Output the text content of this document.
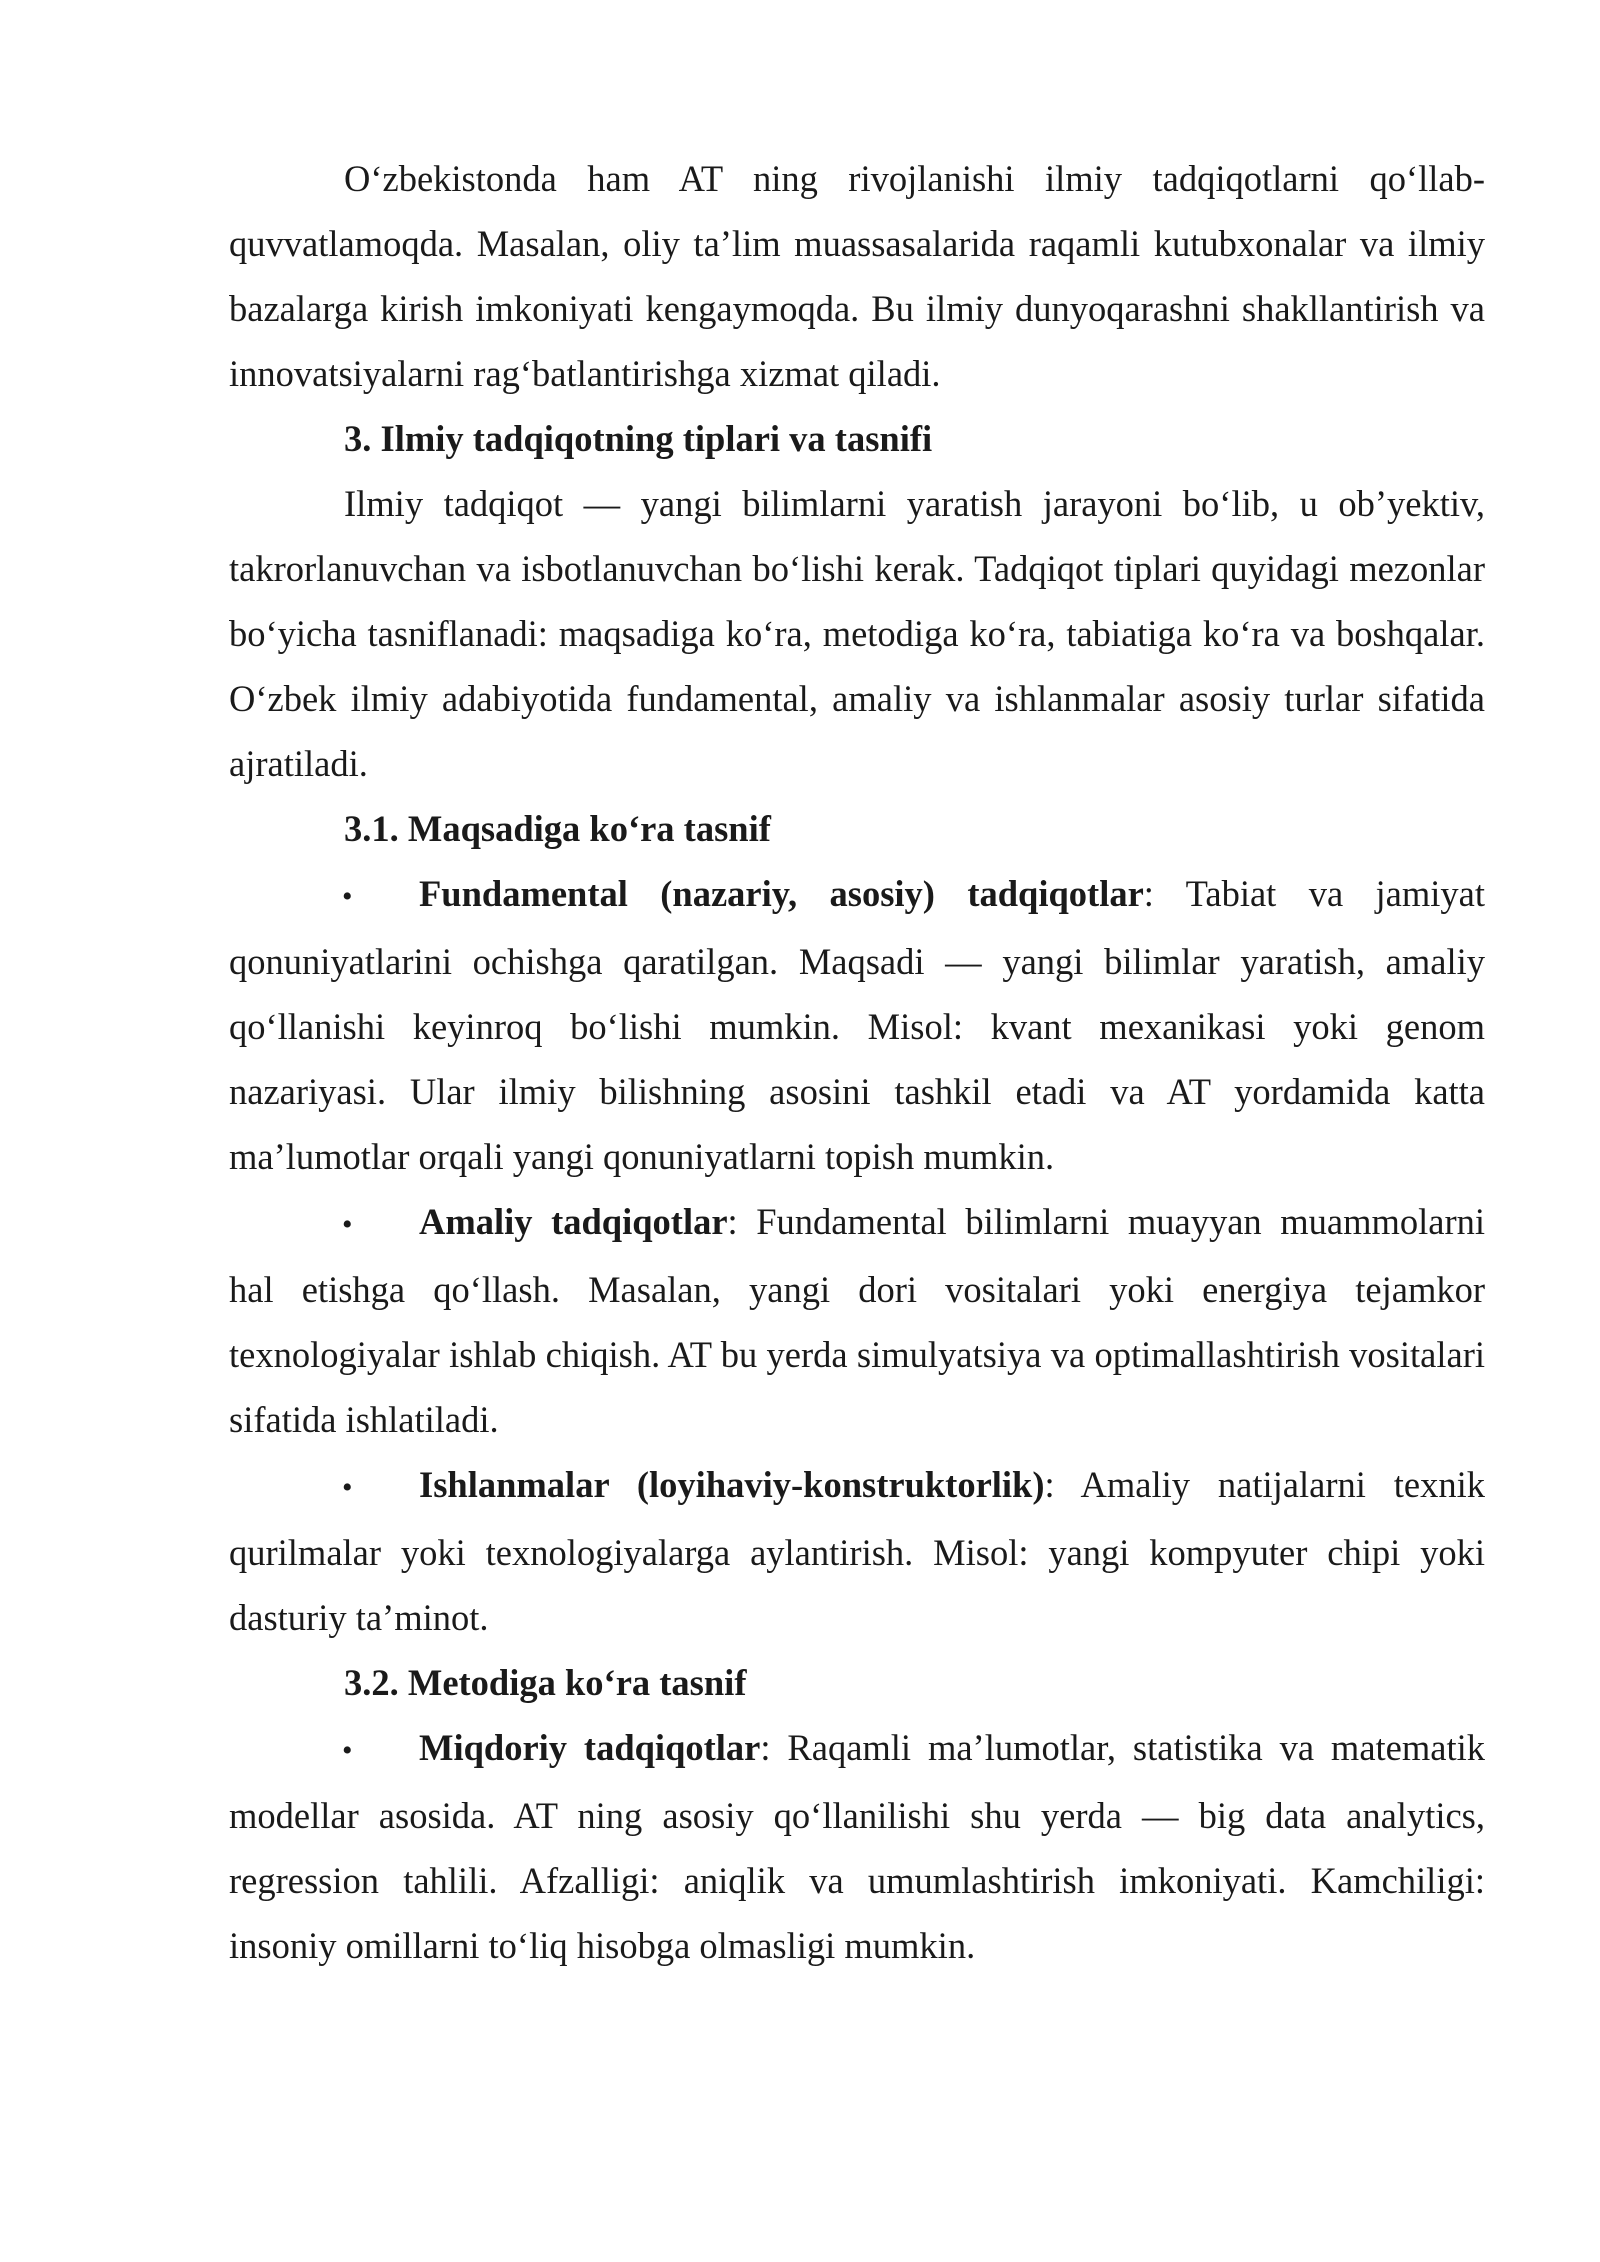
O‘zbekistonda ham AT ning rivojlanishi ilmiy tadqiqotlarni qo‘llab-quvvatlamoqda. Masalan, oliy ta’lim muassasalarida raqamli kutubxonalar va ilmiy bazalarga kirish imkoniyati kengaymoqda. Bu ilmiy dunyoqarashni shakllantirish va innovatsiyalarni rag‘batlantirishga xizmat qiladi.

3. Ilmiy tadqiqotning tiplari va tasnifi

Ilmiy tadqiqot — yangi bilimlarni yaratish jarayoni bo‘lib, u ob’yektiv, takrorlanuvchan va isbotlanuvchan bo‘lishi kerak. Tadqiqot tiplari quyidagi mezonlar bo‘yicha tasniflanadi: maqsadiga ko‘ra, metodiga ko‘ra, tabiatiga ko‘ra va boshqalar. O‘zbek ilmiy adabiyotida fundamental, amaliy va ishlanmalar asosiy turlar sifatida ajratiladi.

3.1. Maqsadiga ko‘ra tasnif

• Fundamental (nazariy, asosiy) tadqiqotlar: Tabiat va jamiyat qonuniyatlarini ochishga qaratilgan. Maqsadi — yangi bilimlar yaratish, amaliy qo‘llanishi keyinroq bo‘lishi mumkin. Misol: kvant mexanikasi yoki genom nazariyasi. Ular ilmiy bilishning asosini tashkil etadi va AT yordamida katta ma’lumotlar orqali yangi qonuniyatlarni topish mumkin.

• Amaliy tadqiqotlar: Fundamental bilimlarni muayyan muammolarni hal etishga qo‘llash. Masalan, yangi dori vositalari yoki energiya tejamkor texnologiyalar ishlab chiqish. AT bu yerda simulyatsiya va optimallashtirish vositalari sifatida ishlatiladi.

• Ishlanmalar (loyihaviy-konstruktorlik): Amaliy natijalarni texnik qurilmalar yoki texnologiyalarga aylantirish. Misol: yangi kompyuter chipi yoki dasturiy ta’minot.

3.2. Metodiga ko‘ra tasnif

• Miqdoriy tadqiqotlar: Raqamli ma’lumotlar, statistika va matematik modellar asosida. AT ning asosiy qo‘llanilishi shu yerda — big data analytics, regression tahlili. Afzalligi: aniqlik va umumlashtirish imkoniyati. Kamchiligi: insoniy omillarni to‘liq hisobga olmasligi mumkin.
